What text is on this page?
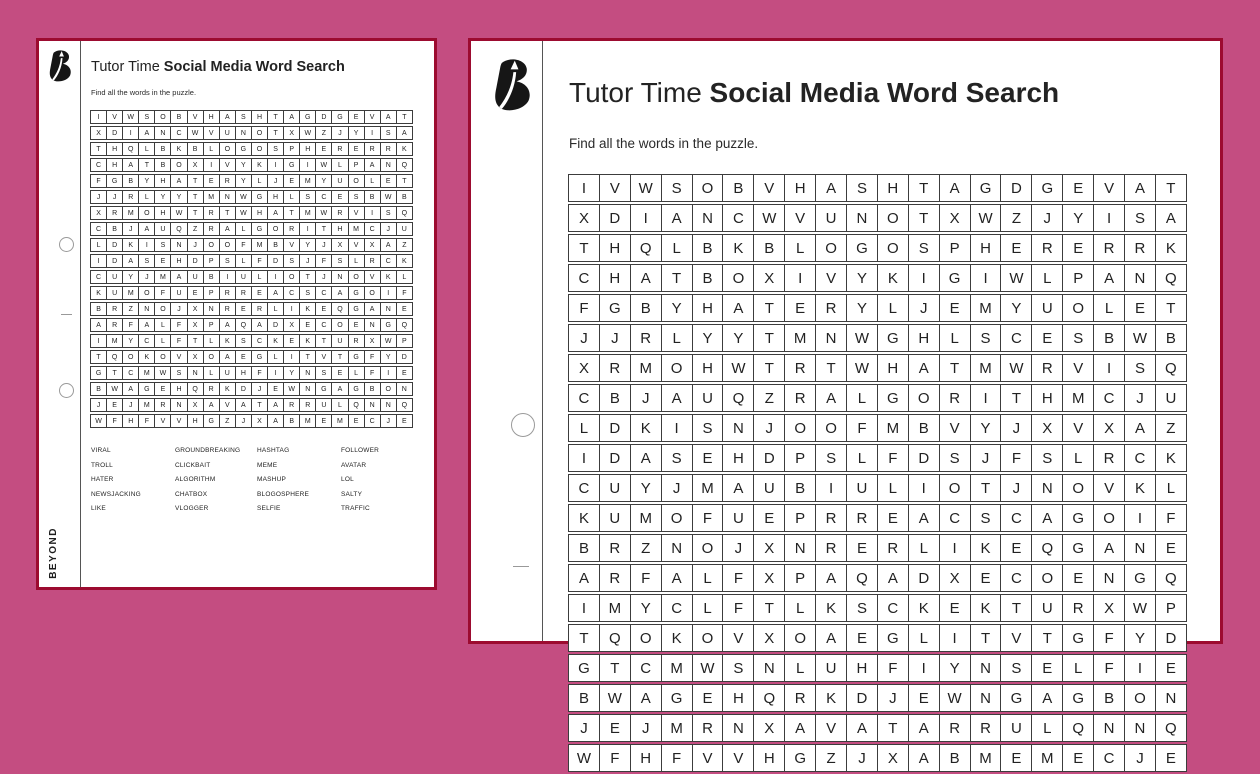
BEYOND
Tutor Time Social Media Word Search
Find all the words in the puzzle.
I	V	W	S	O	B	V	H	A	S	H	T	A	G	D	G	E	V	A	T
X	D	I	A	N	C	W	V	U	N	O	T	X	W	Z	J	Y	I	S	A
T	H	Q	L	B	K	B	L	O	G	O	S	P	H	E	R	E	R	R	K
C	H	A	T	B	O	X	I	V	Y	K	I	G	I	W	L	P	A	N	Q
F	G	B	Y	H	A	T	E	R	Y	L	J	E	M	Y	U	O	L	E	T
J	J	R	L	Y	Y	T	M	N	W	G	H	L	S	C	E	S	B	W	B
X	R	M	O	H	W	T	R	T	W	H	A	T	M	W	R	V	I	S	Q
C	B	J	A	U	Q	Z	R	A	L	G	O	R	I	T	H	M	C	J	U
L	D	K	I	S	N	J	O	O	F	M	B	V	Y	J	X	V	X	A	Z
I	D	A	S	E	H	D	P	S	L	F	D	S	J	F	S	L	R	C	K
C	U	Y	J	M	A	U	B	I	U	L	I	O	T	J	N	O	V	K	L
K	U	M	O	F	U	E	P	R	R	E	A	C	S	C	A	G	O	I	F
B	R	Z	N	O	J	X	N	R	E	R	L	I	K	E	Q	G	A	N	E
A	R	F	A	L	F	X	P	A	Q	A	D	X	E	C	O	E	N	G	Q
I	M	Y	C	L	F	T	L	K	S	C	K	E	K	T	U	R	X	W	P
T	Q	O	K	O	V	X	O	A	E	G	L	I	T	V	T	G	F	Y	D
G	T	C	M	W	S	N	L	U	H	F	I	Y	N	S	E	L	F	I	E
B	W	A	G	E	H	Q	R	K	D	J	E	W	N	G	A	G	B	O	N
J	E	J	M	R	N	X	A	V	A	T	A	R	R	U	L	Q	N	N	Q
W	F	H	F	V	V	H	G	Z	J	X	A	B	M	E	M	E	C	J	E
VIRAL
TROLL
HATER
NEWSJACKING
LIKE
GROUNDBREAKING
CLICKBAIT
ALGORITHM
CHATBOX
VLOGGER
HASHTAG
MEME
MASHUP
BLOGOSPHERE
SELFIE
FOLLOWER
AVATAR
LOL
SALTY
TRAFFIC
Tutor Time Social Media Word Search
Find all the words in the puzzle.
I	V	W	S	O	B	V	H	A	S	H	T	A	G	D	G	E	V	A	T
X	D	I	A	N	C	W	V	U	N	O	T	X	W	Z	J	Y	I	S	A
T	H	Q	L	B	K	B	L	O	G	O	S	P	H	E	R	E	R	R	K
C	H	A	T	B	O	X	I	V	Y	K	I	G	I	W	L	P	A	N	Q
F	G	B	Y	H	A	T	E	R	Y	L	J	E	M	Y	U	O	L	E	T
J	J	R	L	Y	Y	T	M	N	W	G	H	L	S	C	E	S	B	W	B
X	R	M	O	H	W	T	R	T	W	H	A	T	M	W	R	V	I	S	Q
C	B	J	A	U	Q	Z	R	A	L	G	O	R	I	T	H	M	C	J	U
L	D	K	I	S	N	J	O	O	F	M	B	V	Y	J	X	V	X	A	Z
I	D	A	S	E	H	D	P	S	L	F	D	S	J	F	S	L	R	C	K
C	U	Y	J	M	A	U	B	I	U	L	I	O	T	J	N	O	V	K	L
K	U	M	O	F	U	E	P	R	R	E	A	C	S	C	A	G	O	I	F
B	R	Z	N	O	J	X	N	R	E	R	L	I	K	E	Q	G	A	N	E
A	R	F	A	L	F	X	P	A	Q	A	D	X	E	C	O	E	N	G	Q
I	M	Y	C	L	F	T	L	K	S	C	K	E	K	T	U	R	X	W	P
T	Q	O	K	O	V	X	O	A	E	G	L	I	T	V	T	G	F	Y	D
G	T	C	M	W	S	N	L	U	H	F	I	Y	N	S	E	L	F	I	E
B	W	A	G	E	H	Q	R	K	D	J	E	W	N	G	A	G	B	O	N
J	E	J	M	R	N	X	A	V	A	T	A	R	R	U	L	Q	N	N	Q
W	F	H	F	V	V	H	G	Z	J	X	A	B	M	E	M	E	C	J	E
